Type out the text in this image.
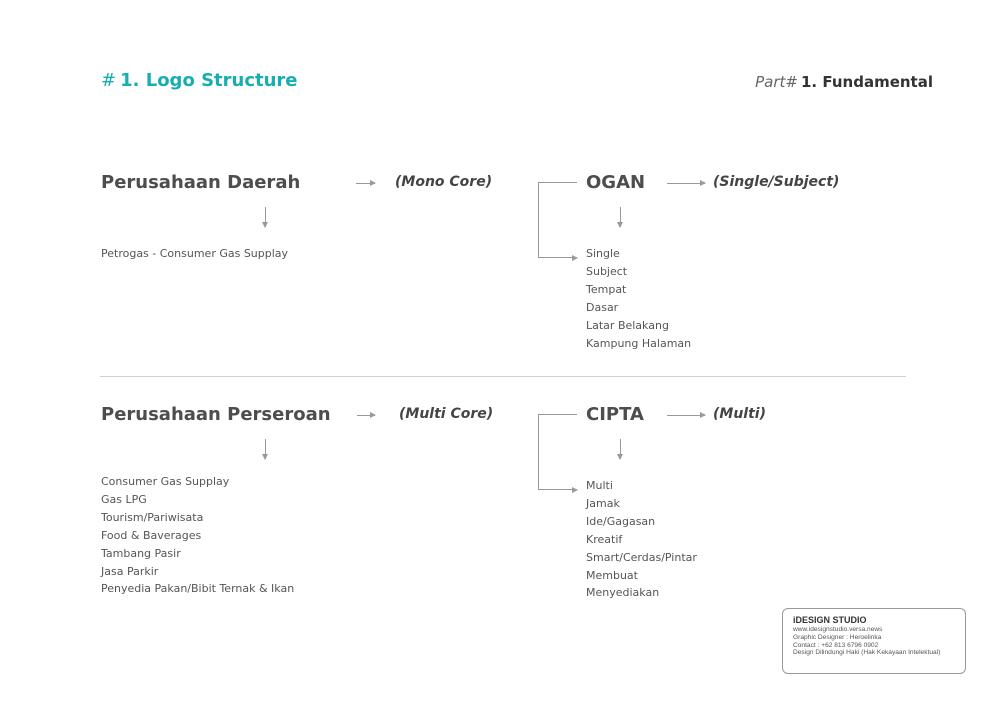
# 1. Logo Structure	Part# 1. Fundamental
Perusahaan Daerah	(Mono Core)
Petrogas - Consumer Gas Supplay
OGAN	(Single/Subject)
Single
Subject
Tempat
Dasar
Latar Belakang
Kampung Halaman
Perusahaan Perseroan	(Multi Core)
Consumer Gas Supplay
Gas LPG
Tourism/Pariwisata
Food & Baverages
Tambang Pasir
Jasa Parkir
Penyedia Pakan/Bibit Ternak & Ikan
CIPTA	(Multi)
Multi
Jamak
Ide/Gagasan
Kreatif
Smart/Cerdas/Pintar
Membuat
Menyediakan
iDESIGN STUDIO
www.idesignstudio.versa.news
Graphic Designer : Heroelinka
Contact : +62 813 6796 0902
Design Dilindungi Haki (Hak Kekayaan Intelektual)
